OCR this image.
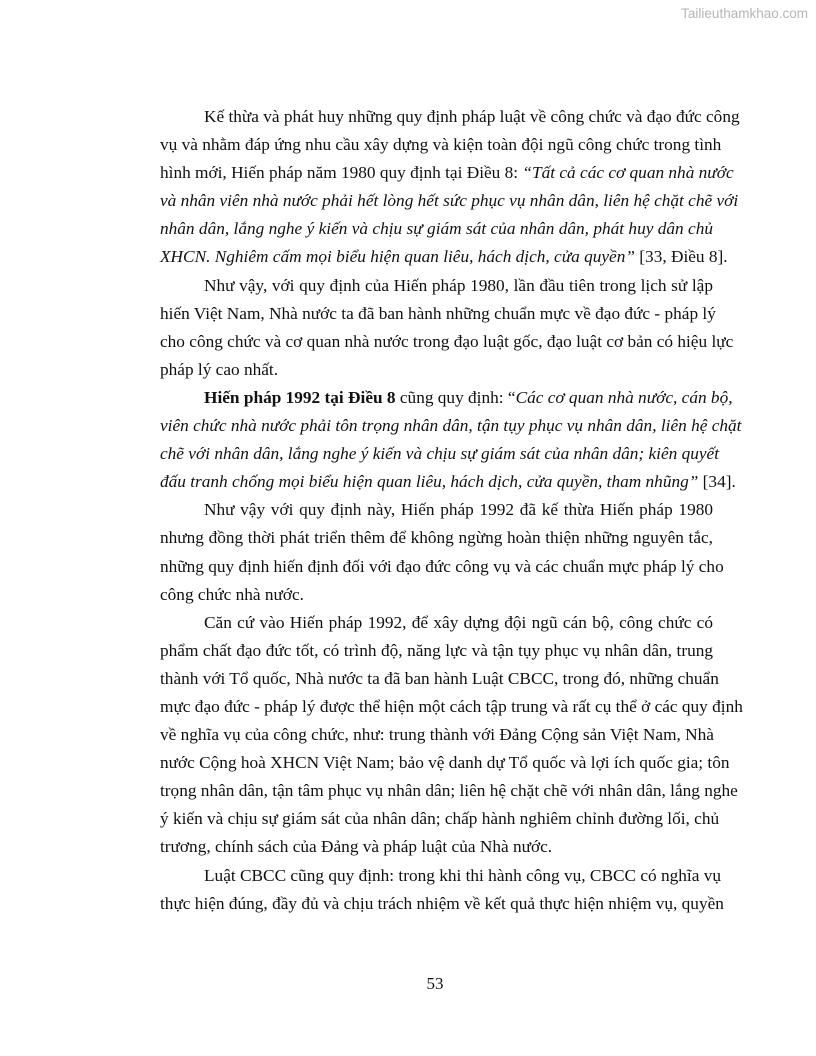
Tailieuthamkhao.com
Kế thừa và phát huy những quy định pháp luật về công chức và đạo đức công
vụ và nhằm đáp ứng nhu cầu xây dựng và kiện toàn đội ngũ công chức trong tình
hình mới, Hiến pháp năm 1980 quy định tại Điều 8: “Tất cả các cơ quan nhà nước
và nhân viên nhà nước phải hết lòng hết sức phục vụ nhân dân, liên hệ chặt chẽ với
nhân dân, lắng nghe ý kiến và chịu sự giám sát của nhân dân, phát huy dân chủ
XHCN. Nghiêm cấm mọi biểu hiện quan liêu, hách dịch, cửa quyền” [33, Điều 8].
Như vậy, với quy định của Hiến pháp 1980, lần đầu tiên trong lịch sử lập
hiến Việt Nam, Nhà nước ta đã ban hành những chuẩn mực về đạo đức - pháp lý
cho công chức và cơ quan nhà nước trong đạo luật gốc, đạo luật cơ bản có hiệu lực
pháp lý cao nhất.
Hiến pháp 1992 tại Điều 8 cũng quy định: “Các cơ quan nhà nước, cán bộ,
viên chức nhà nước phải tôn trọng nhân dân, tận tụy phục vụ nhân dân, liên hệ chặt
chẽ với nhân dân, lắng nghe ý kiến và chịu sự giám sát của nhân dân; kiên quyết
đấu tranh chống mọi biểu hiện quan liêu, hách dịch, cửa quyền, tham nhũng” [34].
Như vậy với quy định này, Hiến pháp 1992 đã kế thừa Hiến pháp 1980
nhưng đồng thời phát triển thêm để không ngừng hoàn thiện những nguyên tắc,
những quy định hiến định đối với đạo đức công vụ và các chuẩn mực pháp lý cho
công chức nhà nước.
Căn cứ vào Hiến pháp 1992, để xây dựng đội ngũ cán bộ, công chức có
phẩm chất đạo đức tốt, có trình độ, năng lực và tận tụy phục vụ nhân dân, trung
thành với Tổ quốc, Nhà nước ta đã ban hành Luật CBCC, trong đó, những chuẩn
mực đạo đức - pháp lý được thể hiện một cách tập trung và rất cụ thể ở các quy định
về nghĩa vụ của công chức, như: trung thành với Đảng Cộng sản Việt Nam, Nhà
nước Cộng hoà XHCN Việt Nam; bảo vệ danh dự Tổ quốc và lợi ích quốc gia; tôn
trọng nhân dân, tận tâm phục vụ nhân dân; liên hệ chặt chẽ với nhân dân, lắng nghe
ý kiến và chịu sự giám sát của nhân dân; chấp hành nghiêm chỉnh đường lối, chủ
trương, chính sách của Đảng và pháp luật của Nhà nước.
Luật CBCC cũng quy định: trong khi thi hành công vụ, CBCC có nghĩa vụ
thực hiện đúng, đầy đủ và chịu trách nhiệm về kết quả thực hiện nhiệm vụ, quyền
53
